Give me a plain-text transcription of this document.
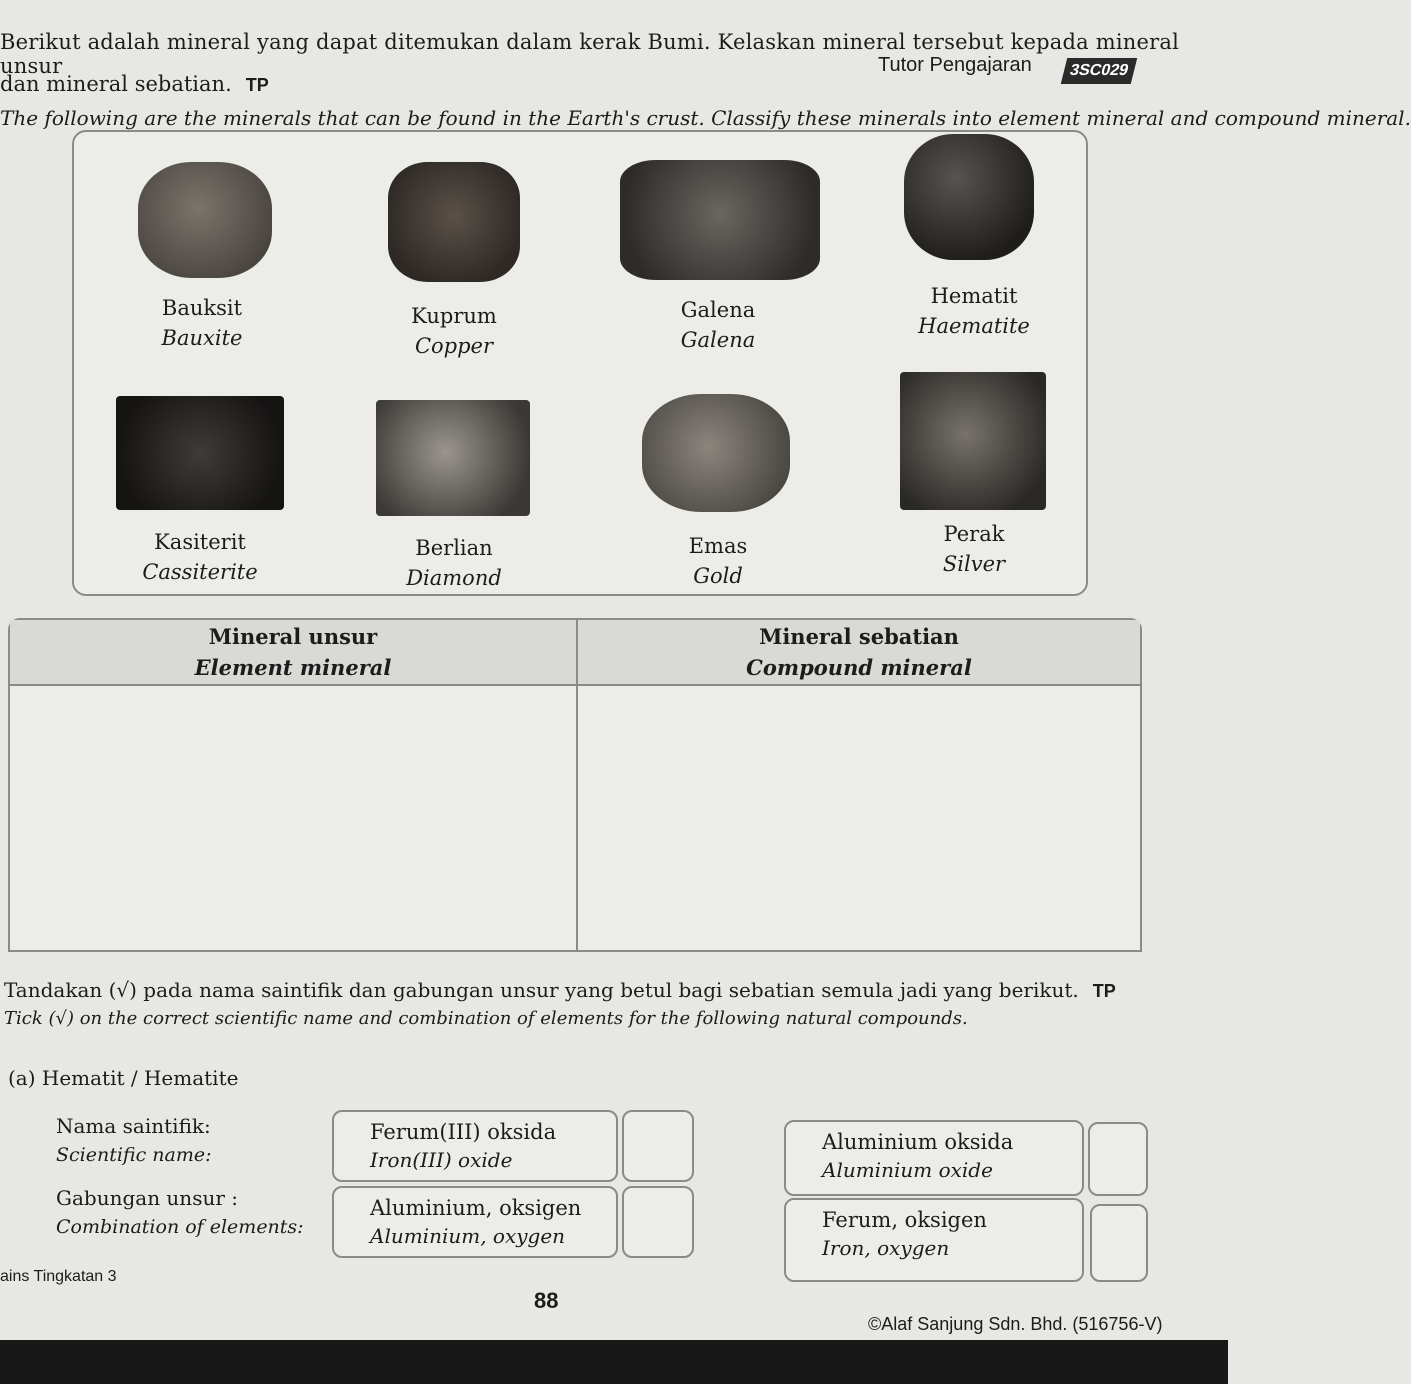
Berikut adalah mineral yang dapat ditemukan dalam kerak Bumi. Kelaskan mineral tersebut kepada mineral unsur
dan mineral sebatian. TP
Tutor Pengajaran	3SC029
The following are the minerals that can be found in the Earth's crust. Classify these minerals into element mineral and compound mineral.
Bauksit
Bauxite
Kuprum
Copper
Galena
Galena
Hematit
Haematite
Kasiterit
Cassiterite
Berlian
Diamond
Emas
Gold
Perak
Silver
Mineral unsur
Element mineral
Mineral sebatian
Compound mineral
Tandakan (√) pada nama saintifik dan gabungan unsur yang betul bagi sebatian semula jadi yang berikut. TP
Tick (√) on the correct scientific name and combination of elements for the following natural compounds.
(a) Hematit / Hematite
Nama saintifik:
Scientific name:
Gabungan unsur :
Combination of elements:
Ferum(III) oksida
Iron(III) oxide
Aluminium oksida
Aluminium oxide
Aluminium, oksigen
Aluminium, oxygen
Ferum, oksigen
Iron, oxygen
ains Tingkatan 3
88
©Alaf Sanjung Sdn. Bhd. (516756-V)
